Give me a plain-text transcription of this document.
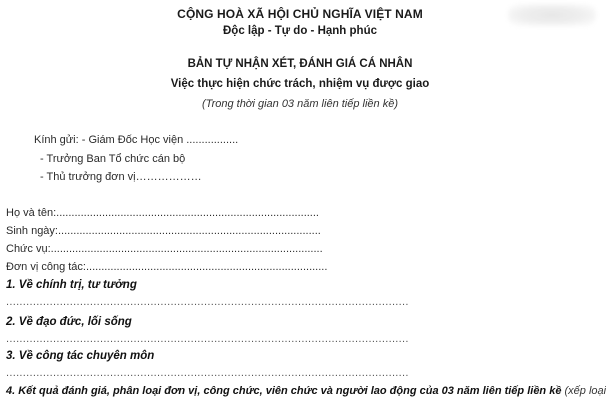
CỘNG HOÀ XÃ HỘI CHỦ NGHĨA VIỆT NAM
Độc lập - Tự do - Hạnh phúc
BẢN TỰ NHẬN XÉT, ĐÁNH GIÁ CÁ NHÂN
Việc thực hiện chức trách, nhiệm vụ được giao
(Trong thời gian 03 năm liên tiếp liền kề)
Kính gửi: - Giám Đốc Học viện .................
- Trưởng Ban Tổ chức cán bộ
- Thủ trưởng đơn vị………………
Họ và tên:......................................................................................
Sinh ngày:......................................................................................
Chức vụ:.........................................................................................
Đơn vị công tác:...............................................................................
1. Về chính trị, tư tưởng
........................................................................................................................
2. Về đạo đức, lối sống
........................................................................................................................
3. Về công tác chuyên môn
........................................................................................................................
4. Kết quả đánh giá, phân loại đơn vị, công chức, viên chức và người lao động của 03 năm liên tiếp liền kề (xếp loại
